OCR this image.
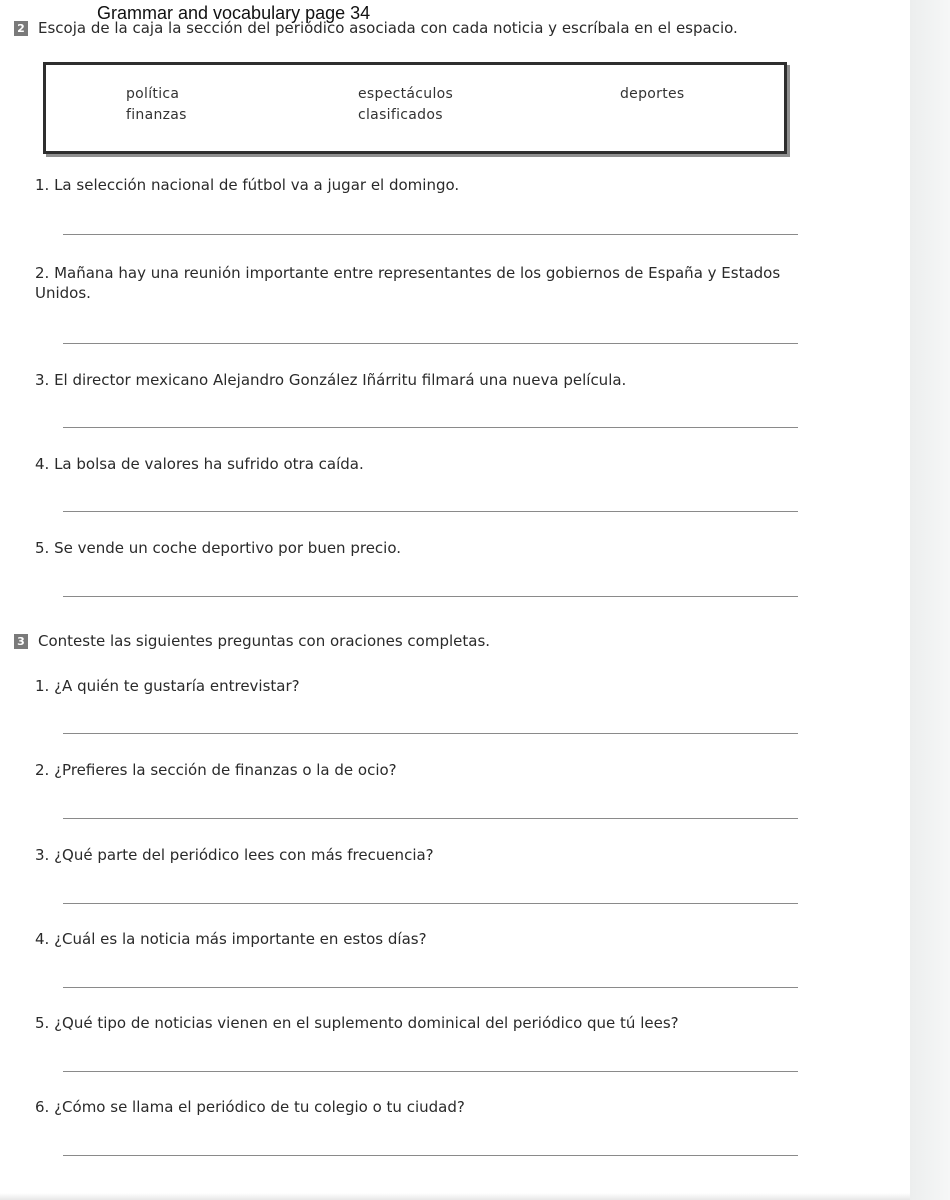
2 Escoja de la caja la sección del periódico asociada con cada noticia y escríbala en el espacio.
Grammar and vocabulary page 34
política	espectáculos	deportes
finanzas	clasificados
1. La selección nacional de fútbol va a jugar el domingo.
2. Mañana hay una reunión importante entre representantes de los gobiernos de España y Estados Unidos.
3. El director mexicano Alejandro González Iñárritu filmará una nueva película.
4. La bolsa de valores ha sufrido otra caída.
5. Se vende un coche deportivo por buen precio.
3 Conteste las siguientes preguntas con oraciones completas.
1. ¿A quién te gustaría entrevistar?
2. ¿Prefieres la sección de finanzas o la de ocio?
3. ¿Qué parte del periódico lees con más frecuencia?
4. ¿Cuál es la noticia más importante en estos días?
5. ¿Qué tipo de noticias vienen en el suplemento dominical del periódico que tú lees?
6. ¿Cómo se llama el periódico de tu colegio o tu ciudad?
